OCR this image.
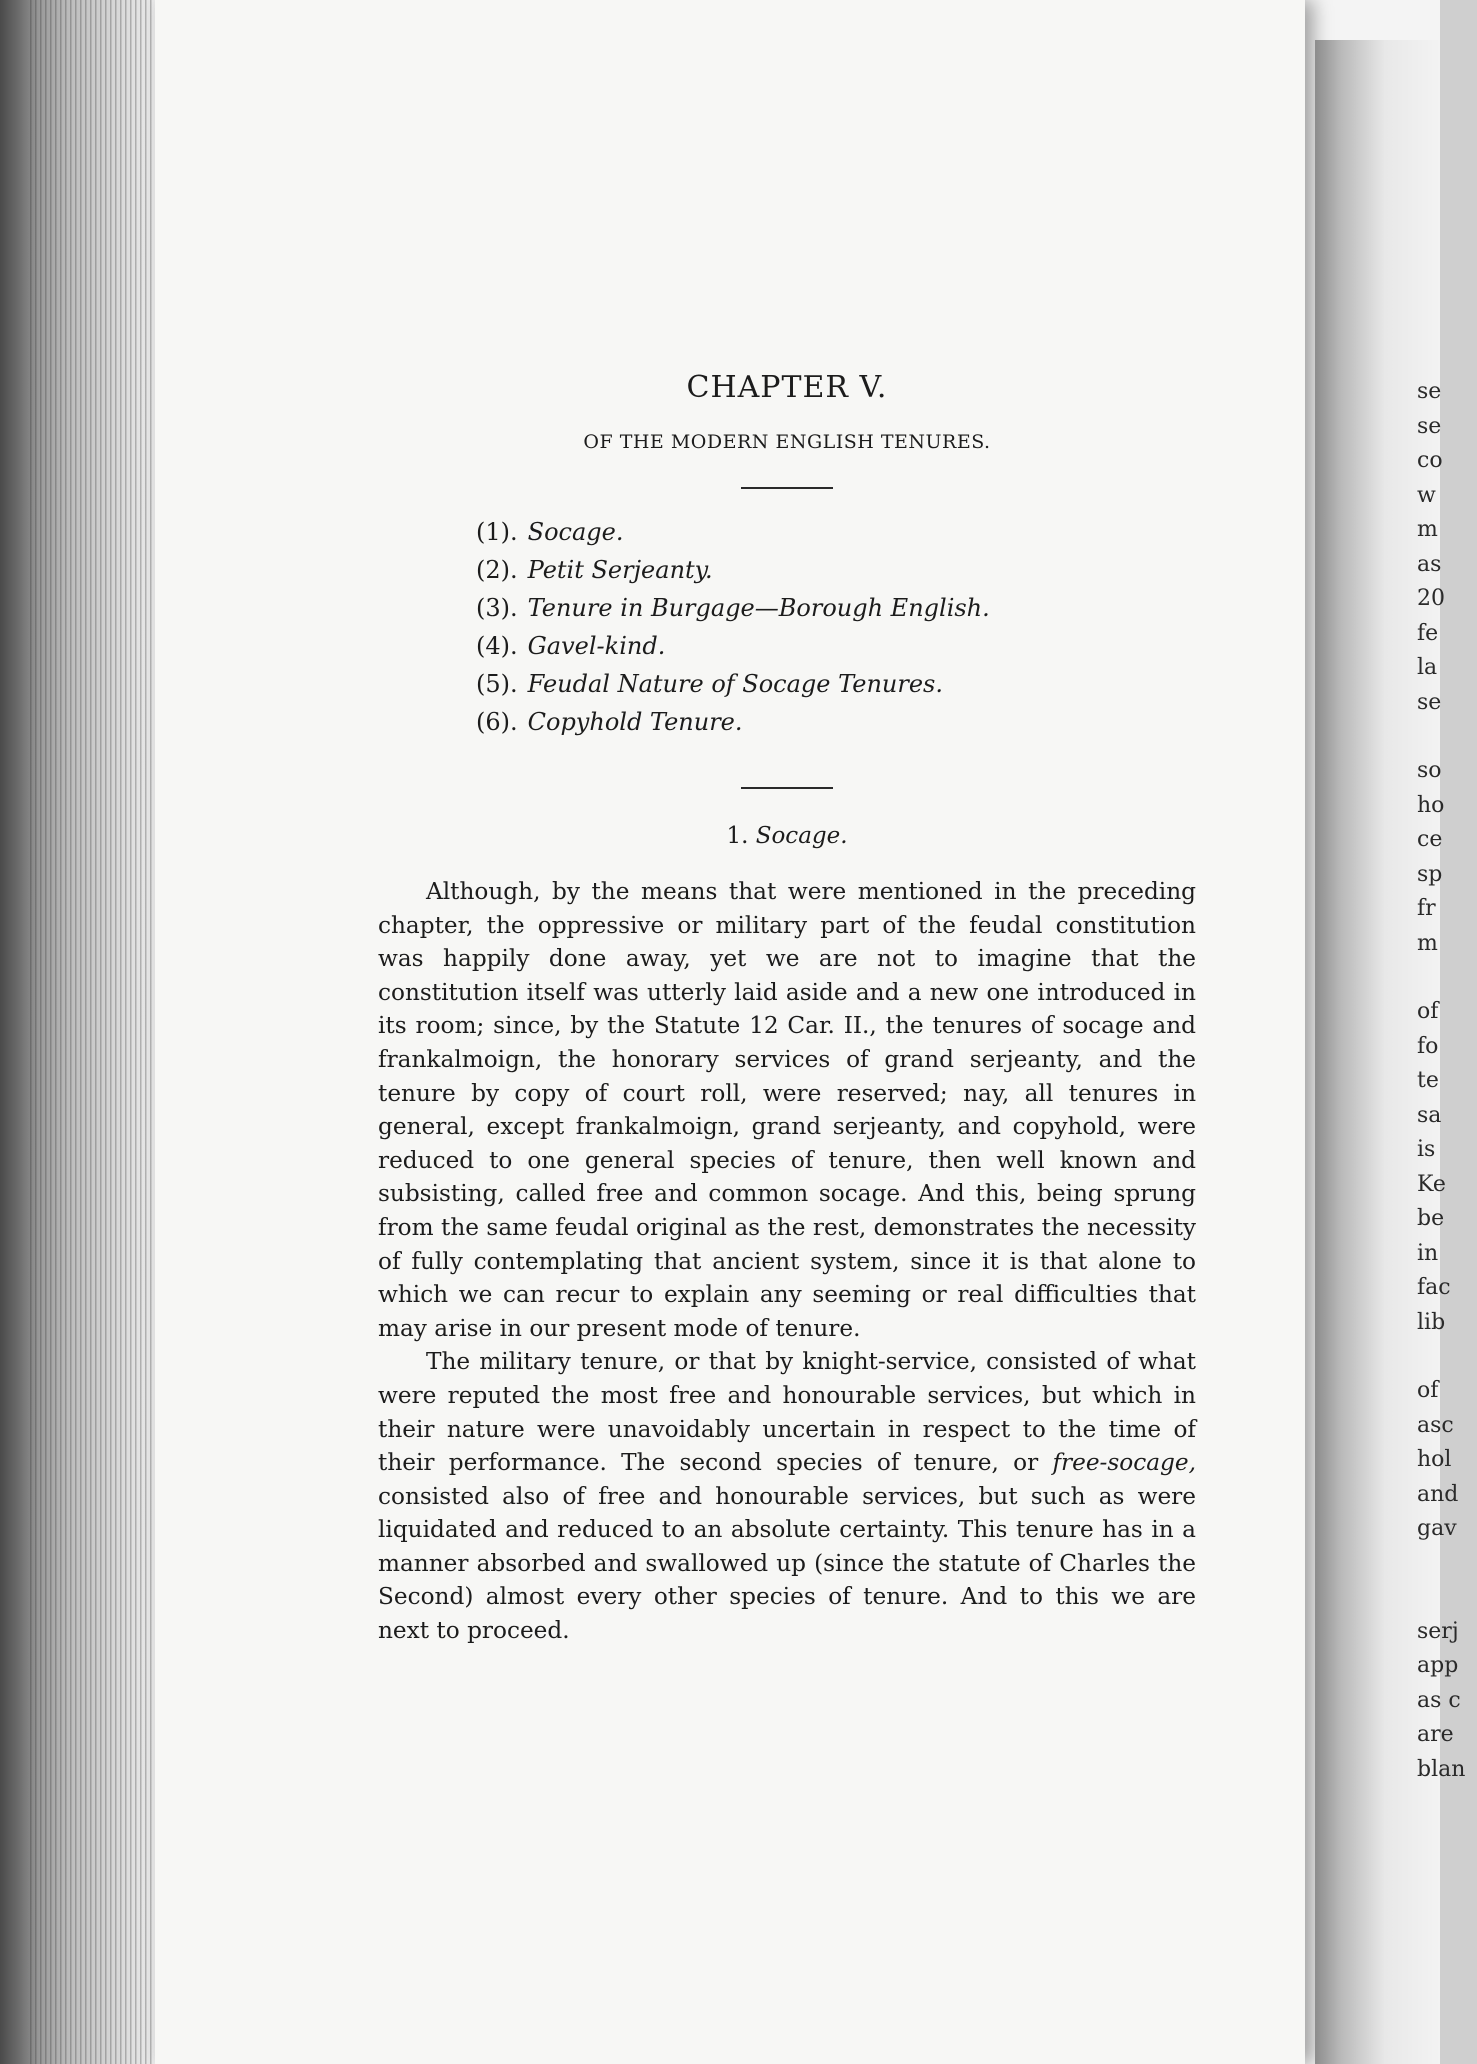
se
se
co
w
m
as
20
fe
la
se
so
ho
ce
sp
fr
m
of
fo
te
sa
is
Ke
be
in
fac
lib
of
asc
hol
and
gav
serj
app
as c
are
blan
CHAPTER V.
OF THE MODERN ENGLISH TENURES.
(1). Socage.
(2). Petit Serjeanty.
(3). Tenure in Burgage—Borough English.
(4). Gavel-kind.
(5). Feudal Nature of Socage Tenures.
(6). Copyhold Tenure.
1. Socage.

Although, by the means that were mentioned in the preceding chapter, the oppressive or military part of the feudal constitution was happily done away, yet we are not to imagine that the constitution itself was utterly laid aside and a new one introduced in its room; since, by the Statute 12 Car. II., the tenures of socage and frankalmoign, the honorary services of grand serjeanty, and the tenure by copy of court roll, were reserved; nay, all tenures in general, except frankalmoign, grand serjeanty, and copyhold, were reduced to one general species of tenure, then well known and subsisting, called free and common socage. And this, being sprung from the same feudal original as the rest, demonstrates the necessity of fully contemplating that ancient system, since it is that alone to which we can recur to explain any seeming or real difficulties that may arise in our present mode of tenure.

The military tenure, or that by knight-service, consisted of what were reputed the most free and honourable services, but which in their nature were unavoidably uncertain in respect to the time of their performance. The second species of tenure, or free-socage, consisted also of free and honourable services, but such as were liquidated and reduced to an absolute certainty. This tenure has in a manner absorbed and swallowed up (since the statute of Charles the Second) almost every other species of tenure. And to this we are next to proceed.
